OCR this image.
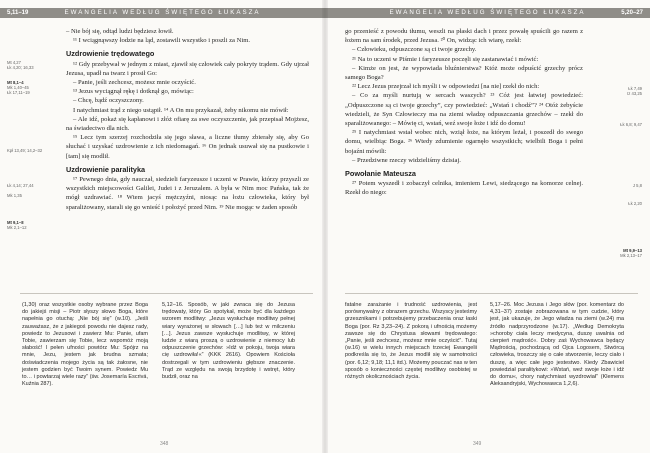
5,11–19	EWANGELIA WEDŁUG ŚWIĘTEGO ŁUKASZA
Mt 4,27
Łk 4,20; 16,33
Mt 8,1–4
Mk 1,40–45
Łk 17,11–19
Kpł 13,49; 14,2–32
Łk 4,14; 27,44
Mk 1,35
Mt 9,1–8
Mk 2,1–12

– Nie bój się, odtąd ludzi będziesz łowił.

¹¹ I wciągnąwszy łodzie na ląd, zostawili wszystko i poszli za Nim.

Uzdrowienie trędowatego

¹² Gdy przebywał w jednym z miast, zjawił się człowiek cały pokryty trądem. Gdy ujrzał Jezusa, upadł na twarz i prosił Go:

– Panie, jeśli zechcesz, możesz mnie oczyścić.

¹³ Jezus wyciągnął rękę i dotknął go, mówiąc:

– Chcę, bądź oczyszczony.

I natychmiast trąd z niego ustąpił. ¹⁴ A On mu przykazał, żeby nikomu nie mówił:

– Ale idź, pokaż się kapłanowi i złóż ofiarę za swe oczyszczenie, jak przepisał Mojżesz, na świadectwo dla nich.

¹⁵ Lecz tym szerzej rozchodziła się jego sława, a liczne tłumy zbierały się, aby Go słuchać i uzyskać uzdrowienie z ich niedomagań. ¹⁶ On jednak usuwał się na pustkowie i [tam] się modlił.

Uzdrowienie paralityka

¹⁷ Pewnego dnia, gdy nauczał, siedzieli faryzeusze i uczeni w Prawie, którzy przyszli ze wszystkich miejscowości Galilei, Judei i z Jeruzalem. A była w Nim moc Pańska, tak że mógł uzdrawiać. ¹⁸ Wtem jacyś mężczyźni, niosąc na łożu człowieka, który był sparaliżowany, starali się go wnieść i położyć przed Nim. ¹⁹ Nie mogąc w żaden sposób

(1,30) oraz wszystkie osoby wybrane przez Boga do jakiejś misji – Piotr słyszy słowo Boga, które napełnia go otuchą: „Nie bój się” (w.10). „Jeśli zauważasz, że z jakiegoś powodu nie dajesz rady, powiedz to Jezusowi i zawierz Mu: Panie, ufam Tobie, zawierzam się Tobie, lecz wspomóż moją słabość! I pełen ufności powtórz Mu: Spójrz na mnie, Jezu, jestem jak brudna szmata; doświadczenia mojego życia są tak żałosne, nie jestem godzien być Twoim synem. Powiedz Mu to… i powtarzaj wiele razy” (św. Josemaría Escrivá, Kuźnia 287).
5,12–16. Sposób, w jaki zwraca się do Jezusa trędowaty, który Go spotykał, może być dla każdego wzorem modlitwy: „Jezus wysłuchuje modlitwy pełnej wiary wyrażonej w słowach […] lub też w milczeniu […]. Jezus zawsze wysłuchuje modlitwy, w której ludzie z wiarą proszą o uzdrowienie z niemocy lub odpuszczenie grzechów: »Idź w pokoju, twoja wiara cię uzdrowiła!«” (KKK 2616). Opowiem Kościoła dostrzegali w tym uzdrowieniu głębsze znaczenie. Trąd ze względu na swoją brzydotę i wstręt, który budził, oraz na
348
EWANGELIA WEDŁUG ŚWIĘTEGO ŁUKASZA	5,20–27
Łk 7,49
Iz 43,25
Łk 6,8; 9,47
J 5,8
Łk 2,20
Mt 9,9–13
Mk 2,13–17

go przenieść z powodu tłumu, weszli na płaski dach i przez powałę spuścili go razem z łożem na sam środek, przed Jezusa. ²⁰ On, widząc ich wiarę, rzekł:

– Człowieku, odpuszczone są ci twoje grzechy.

²¹ Na to uczeni w Piśmie i faryzeusze poczęli się zastanawiać i mówić:

– Kimże on jest, że wypowiada bluźnierstwa? Któż może odpuścić grzechy prócz samego Boga?

²² Lecz Jezus przejrzał ich myśli i w odpowiedzi [na nie] rzekł do nich:

– Co za myśli nurtują w sercach waszych? ²³ Cóż jest łatwiej powiedzieć: „Odpuszczone są ci twoje grzechy”, czy powiedzieć: „Wstań i chodź”? ²⁴ Otóż żebyście wiedzieli, że Syn Człowieczy ma na ziemi władzę odpuszczania grzechów – rzekł do sparaliżowanego: – Mówię ci, wstań, weź swoje łoże i idź do domu!

²⁵ I natychmiast wstał wobec nich, wziął łoże, na którym leżał, i poszedł do swego domu, wielbiąc Boga. ²⁶ Wtedy zdumienie ogarnęło wszystkich; wielbili Boga i pełni bojaźni mówili:

– Przedziwne rzeczy widzieliśmy dzisiaj.

Powołanie Mateusza

²⁷ Potem wyszedł i zobaczył celnika, imieniem Lewi, siedzącego na komorze celnej. Rzekł do niego:

fatalne zarażanie i trudność uzdrowienia, jest porównywalny z obrazem grzechu. Wszyscy jesteśmy grzesznikami i potrzebujemy przebaczenia oraz łaski Boga (por. Rz 3,23–24). Z pokorą i ufnością możemy zawsze się do Chrystusa słowami trędowatego: „Panie, jeśli zechcesz, możesz mnie oczyścić”. Tutaj (w.16) w wielu innych miejscach trzeciej Ewangelii podkreśla się to, że Jezus modlił się w samotności (por. 6,12; 9,18; 11,1 itd.). Możemy pouczać nas w ten sposób o konieczności częstej modlitwy osobistej w różnych okolicznościach życia.
5,17–26. Moc Jezusa i Jego słów (por. komentarz do 4,31–37) zostaje zobrazowana w tym cudzie, który jest, jak ukazuje, że Jego władza na ziemi (w.24) ma źródło nadprzyrodzone (w.17). „Według Demokryta »choroby ciała leczy medycyna, duszę uwalnia od cierpień mądrość«. Dobry zaś Wychowawca będący Mądrością, pochodzącą od Ojca Logosem, Stwórcą człowieka, troszczy się o całe stworzenie, leczy ciało i duszę, a więc całe jego jestestwo. Kiedy Zbawiciel powiedział paralitykowi: »Wstań, weź swoje łoże i idź do domu«, chory natychmiast wyzdrowiał” (Klemens Aleksandryjski, Wychowawca 1,2,6).
349
